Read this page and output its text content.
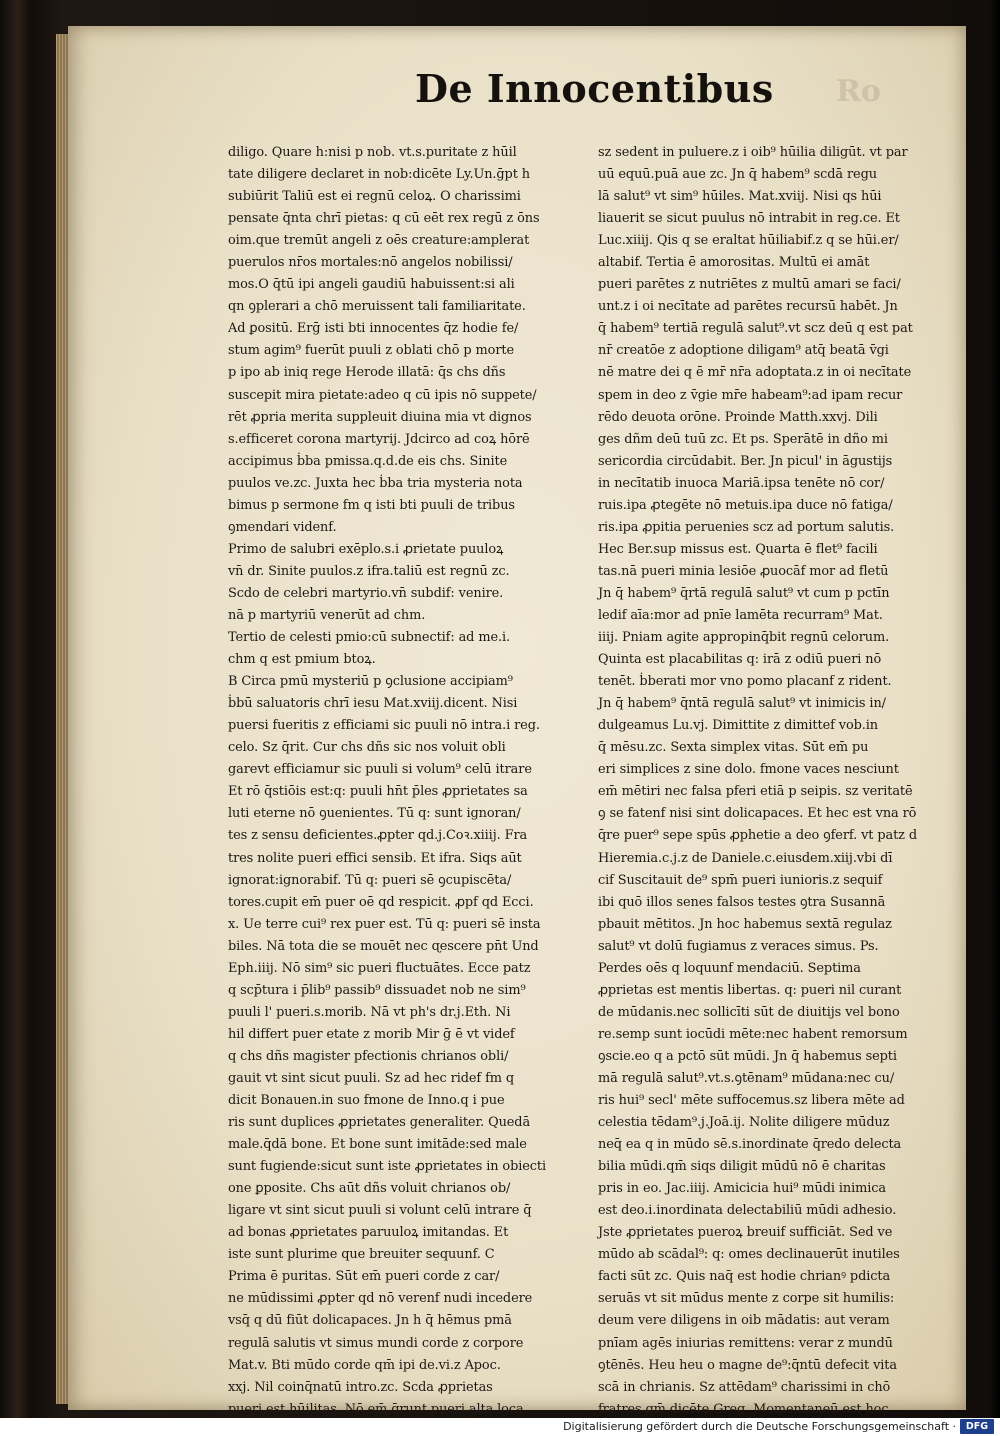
De Innocentibus Ro
diligo. Quare h:nisi p nob. vt.s.puritate z hūil
tate diligere declaret in nob:dicēte Ly.Un.ḡpt h
subiūrit Taliū est ei regnū celoꝝ. O charissimi
pensate q̄nta chrī pietas: q cū eēt rex regū z ōns
oim.que tremūt angeli z oēs creature:amplerat
puerulos nr̄os mortales:nō angelos nobilissi/
mos.O q̄tū ipi angeli gaudiū habuissent:si ali
qn ꝯplerari a chō meruissent tali familiaritate.
Ad ꝑositū. Erḡ isti bti innocentes q̄z hodie fe/
stum agim⁹ fuerūt puuli z oblati chō p morte
p ipo ab iniq rege Herode illatā: q̄s chs dñs
suscepit mira pietate:adeo q cū ipis nō suppete/
rēt ꝓpria merita suppleuit diuina mia vt dignos
s.efficeret corona martyrij. Jdcirco ad coꝝ hōrē
accipimus ḃba pmissa.q.d.de eis chs. Sinite
puulos ve.zc. Juxta hec ḃba tria mysteria nota
bimus p sermone fm q isti bti puuli de tribus
ꝯmendari videnf.
Primo de salubri exēplo.s.i ꝓrietate puuloꝝ
vn̄ dr. Sinite puulos.z ifra.taliū est regnū zc.
Scdo de celebri martyrio.vn̄ subdif: venire.
nā p martyriū venerūt ad chm.
Tertio de celesti pmio:cū subnectif: ad me.i.
chm q est pmium btoꝝ.
B Circa pmū mysteriū p ꝯclusione accipiam⁹
ḃbū saluatoris chrī iesu Mat.xviij.dicent. Nisi
puersi fueritis z efficiami sic puuli nō intra.i reg.
celo. Sz q̄rit. Cur chs dñs sic nos voluit obli
garevt efficiamur sic puuli si volum⁹ celū itrare
Et rō q̄stiōis est:q: puuli hn̄t p̄les ꝓprietates sa
luti eterne nō ꝯuenientes. Tū q: sunt ignoran/
tes z sensu deficientes.ꝓpter qd.j.Coꝛ.xiiij. Fra
tres nolite pueri effici sensib. Et ifra. Siqs aūt
ignorat:ignorabif. Tū q: pueri sē ꝯcupiscēta/
tores.cupit em̄ puer oē qd respicit. ꝓpf qd Ecci.
x. Ue terre cui⁹ rex puer est. Tū q: pueri sē insta
biles. Nā tota die se mouēt nec ɋescere pn̄t Und
Eph.iiij. Nō sim⁹ sic pueri fluctuātes. Ecce patz
q scp̄tura i p̄lib⁹ passib⁹ dissuadet nob ne sim⁹
puuli l' pueri.s.morib. Nā vt ph's dr.j.Eth. Ni
hil differt puer etate z morib Mir ḡ ē vt videf
q chs dñs magister pfectionis chrianos obli/
gauit vt sint sicut puuli. Sz ad hec ridef fm q
dicit Bonauen.in suo fmone de Inno.q i pue
ris sunt duplices ꝓprietates generaliter. Quedā
male.q̄dā bone. Et bone sunt imitāde:sed male
sunt fugiende:sicut sunt iste ꝓprietates in obiecti
one ꝑposite. Chs aūt dñs voluit chrianos ob/
ligare vt sint sicut puuli si volunt celū intrare q̄
ad bonas ꝓprietates paruuloꝝ imitandas. Et
iste sunt plurime que breuiter sequunf. C
Prima ē puritas. Sūt em̄ pueri corde z car/
ne mūdissimi ꝓpter qd nō verenf nudi incedere
vsq̄ q dū fiūt dolicapaces. Jn h q̄ hēmus pmā
regulā salutis vt simus mundi corde z corpore
Mat.v. Bti mūdo corde qm̄ ipi de.vi.z Apoc.
xxj. Nil coinq̄natū intro.zc. Scda ꝓprietas
pueri est hūilitas. Nō em̄ q̄runt pueri alta loca
sz sedent in puluere.z i oib⁹ hūilia diligūt. vt par
uū equū.puā aue zc. Jn q̄ habem⁹ scdā regu
lā salut⁹ vt sim⁹ hūiles. Mat.xviij. Nisi qs hūi
liauerit se sicut puulus nō intrabit in reg.ce. Et
Luc.xiiij. Qis q se eraltat hūiliabif.z q se hūi.er/
altabif. Tertia ē amorositas. Multū ei amāt
pueri parētes z nutriētes z multū amari se faci/
unt.z i oi necītate ad parētes recursū habēt. Jn
q̄ habem⁹ tertiā regulā salut⁹.vt scz deū q est pat
nr̄ creatōe z adoptione diligam⁹ atq̄ beatā v̄gi
nē matre dei q ē mr̄ nr̄a adoptata.z in oi necītate
spem in deo z v̄gie mr̄e habeam⁹:ad ipam recur
rēdo deuota orōne. Proinde Matth.xxvj. Dili
ges dñm deū tuū zc. Et ps. Sperātē in dño mi
sericordia circūdabit. Ber. Jn picul' in āgustijs
in necītatib inuoca Mariā.ipsa tenēte nō cor/
ruis.ipa ꝓtegēte nō metuis.ipa duce nō fatiga/
ris.ipa ꝓpitia peruenies scz ad portum salutis.
Hec Ber.sup missus est. Quarta ē flet⁹ facili
tas.nā pueri minia lesiōe ꝓuocāf mor ad fletū
Jn q̄ habem⁹ q̄rtā regulā salut⁹ vt cum p pctīn
ledif aīa:mor ad pnīe lamēta recurram⁹ Mat.
iiij. Pniam agite appropinq̄bit regnū celorum.
Quinta est placabilitas q: irā z odiū pueri nō
tenēt. ḃberati mor vno pomo placanf z rident.
Jn q̄ habem⁹ q̄ntā regulā salut⁹ vt inimicis in/
dulgeamus Lu.vj. Dimittite z dimittef vob.in
q̄ mēsu.zc. Sexta simplex vitas. Sūt em̄ pu
eri simplices z sine dolo. fmone vaces nesciunt
em̄ mētiri nec falsa pferi etiā p seipis. sz veritatē
ꝯ se fatenf nisi sint dolicapaces. Et hec est vna rō
q̄re puer⁹ sepe spūs ꝓphetie a deo ꝯferf. vt patz d
Hieremia.c.j.z de Daniele.c.eiusdem.xiij.vbi dī
cif Suscitauit de⁹ spm̄ pueri iunioris.z sequif
ibi quō illos senes falsos testes ꝯtra Susannā
pbauit mētitos. Jn hoc habemus sextā regulaz
salut⁹ vt dolū fugiamus z veraces simus. Ps.
Perdes oēs q loquunf mendaciū. Septima
ꝓprietas est mentis libertas. q: pueri nil curant
de mūdanis.nec sollicīti sūt de diuitijs vel bono
re.semp sunt iocūdi mēte:nec habent remorsum
ꝯscie.eo q a pctō sūt mūdi. Jn q̄ habemus septi
mā regulā salut⁹.vt.s.ꝯtēnam⁹ mūdana:nec cu/
ris hui⁹ secl' mēte suffocemus.sz libera mēte ad
celestia tēdam⁹.j.Joā.ij. Nolite diligere mūduz
neq̄ ea q in mūdo sē.s.inordinate q̄redo delecta
bilia mūdi.qm̄ siqs diligit mūdū nō ē charitas
pris in eo. Jac.iiij. Amicicia hui⁹ mūdi inimica
est deo.i.inordinata delectabiliū mūdi adhesio.
Jste ꝓprietates pueroꝝ breuif sufficiāt. Sed ve
mūdo ab scādal⁹: q: omes declinauerūt inutiles
facti sūt zc. Quis naq̄ est hodie chrianꝰ pdicta
seruās vt sit mūdus mente z corpe sit humilis:
deum vere diligens in oib mādatis: aut veram
pnīam agēs iniurias remittens: verar z mundū
ꝯtēnēs. Heu heu o magne de⁹:q̄ntū defecit vita
scā in chrianis. Sz attēdam⁹ charissimi in chō
fratres qm̄ dicēte Greg. Momentaneū est hoc
Digitalisierung gefördert durch die Deutsche Forschungsgemeinschaft ·	DFG
